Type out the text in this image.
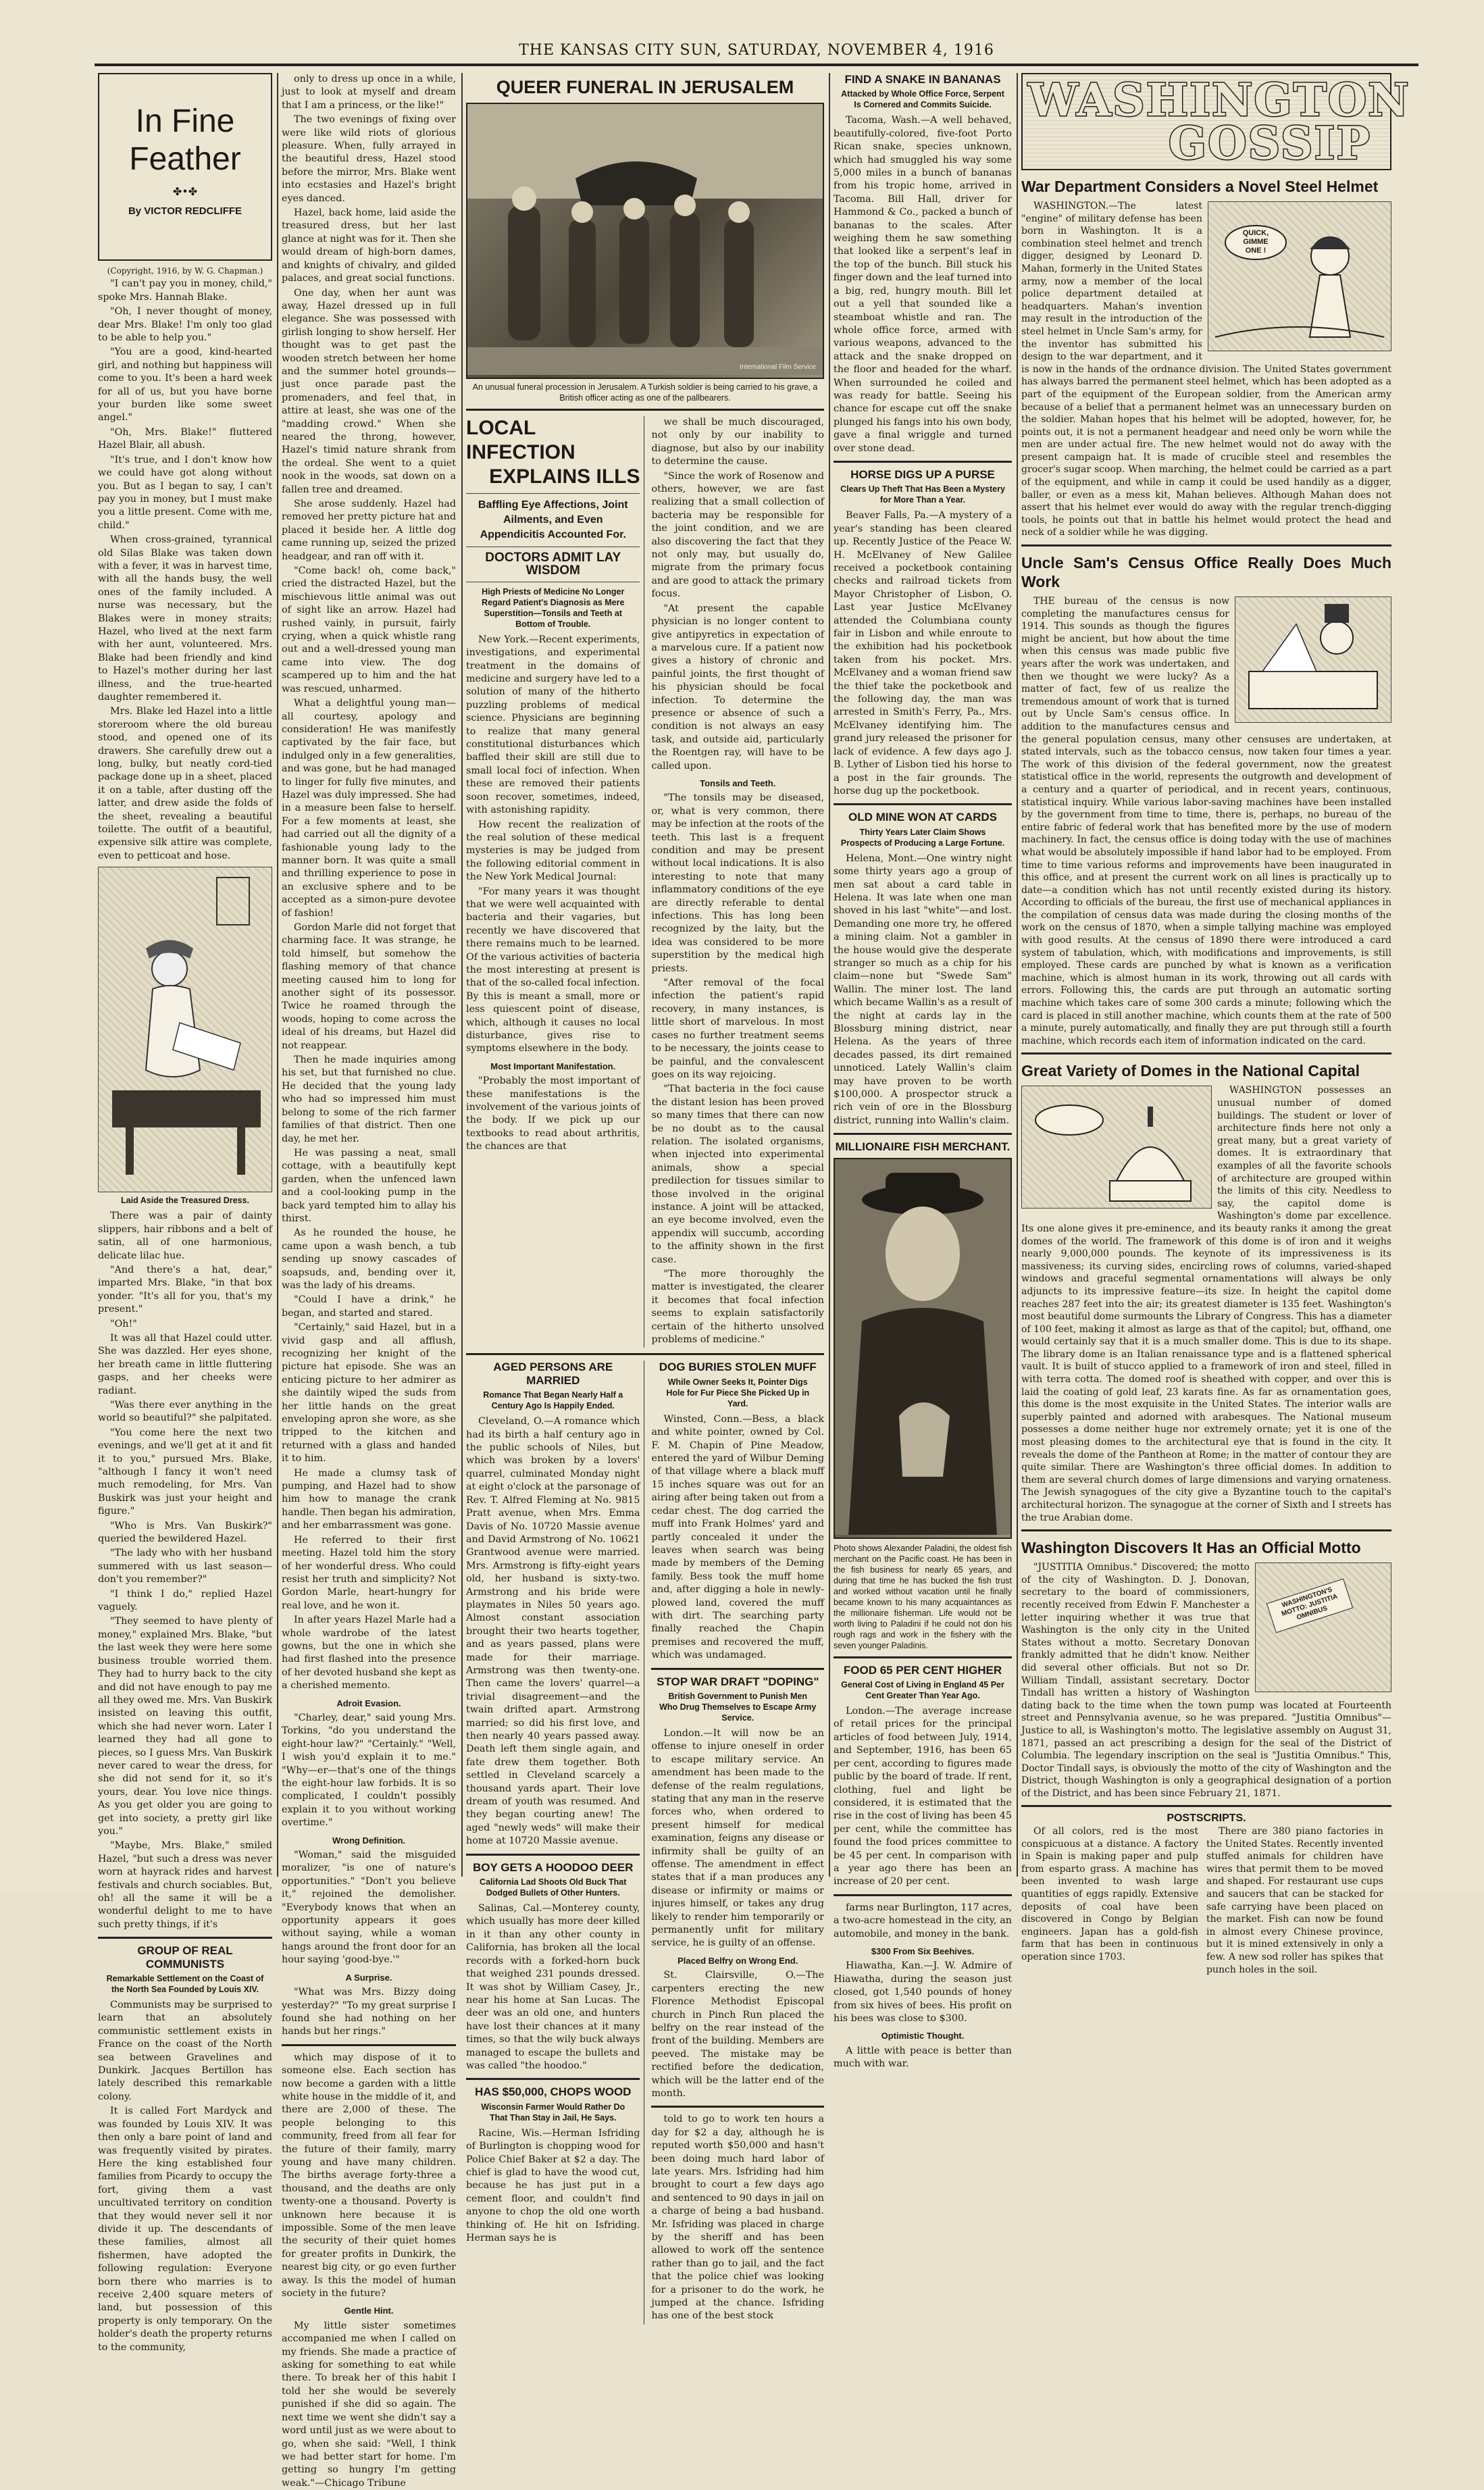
THE KANSAS CITY SUN, SATURDAY, NOVEMBER 4, 1916
In Fine Feather
✤•✤
By VICTOR REDCLIFFE
(Copyright, 1916, by W. G. Chapman.)

"I can't pay you in money, child," spoke Mrs. Hannah Blake.

"Oh, I never thought of money, dear Mrs. Blake! I'm only too glad to be able to help you."

"You are a good, kind-hearted girl, and nothing but happiness will come to you. It's been a hard week for all of us, but you have borne your burden like some sweet angel."

"Oh, Mrs. Blake!" fluttered Hazel Blair, all abush.

"It's true, and I don't know how we could have got along without you. But as I began to say, I can't pay you in money, but I must make you a little present. Come with me, child."

When cross-grained, tyrannical old Silas Blake was taken down with a fever, it was in harvest time, with all the hands busy, the well ones of the family included. A nurse was necessary, but the Blakes were in money straits; Hazel, who lived at the next farm with her aunt, volunteered. Mrs. Blake had been friendly and kind to Hazel's mother during her last illness, and the true-hearted daughter remembered it.

Mrs. Blake led Hazel into a little storeroom where the old bureau stood, and opened one of its drawers. She carefully drew out a long, bulky, but neatly cord-tied package done up in a sheet, placed it on a table, after dusting off the latter, and drew aside the folds of the sheet, revealing a beautiful toilette. The outfit of a beautiful, expensive silk attire was complete, even to petticoat and hose.

Laid Aside the Treasured Dress.

There was a pair of dainty slippers, hair ribbons and a belt of satin, all of one harmonious, delicate lilac hue.

"And there's a hat, dear," imparted Mrs. Blake, "in that box yonder. "It's all for you, that's my present."

"Oh!"

It was all that Hazel could utter. She was dazzled. Her eyes shone, her breath came in little fluttering gasps, and her cheeks were radiant.

"Was there ever anything in the world so beautiful?" she palpitated.

"You come here the next two evenings, and we'll get at it and fit it to you," pursued Mrs. Blake, "although I fancy it won't need much remodeling, for Mrs. Van Buskirk was just your height and figure."

"Who is Mrs. Van Buskirk?" queried the bewildered Hazel.

"The lady who with her husband summered with us last season—don't you remember?"

"I think I do," replied Hazel vaguely.

"They seemed to have plenty of money," explained Mrs. Blake, "but the last week they were here some business trouble worried them. They had to hurry back to the city and did not have enough to pay me all they owed me. Mrs. Van Buskirk insisted on leaving this outfit, which she had never worn. Later I learned they had all gone to pieces, so I guess Mrs. Van Buskirk never cared to wear the dress, for she did not send for it, so it's yours, dear. You love nice things. As you get older you are going to get into society, a pretty girl like you."

"Maybe, Mrs. Blake," smiled Hazel, "but such a dress was never worn at hayrack rides and harvest festivals and church sociables. But, oh! all the same it will be a wonderful delight to me to have such pretty things, if it's

GROUP OF REAL COMMUNISTS
Remarkable Settlement on the Coast of the North Sea Founded by Louis XIV.

Communists may be surprised to learn that an absolutely communistic settlement exists in France on the coast of the North sea between Gravelines and Dunkirk. Jacques Bertillon has lately described this remarkable colony.

It is called Fort Mardyck and was founded by Louis XIV. It was then only a bare point of land and was frequently visited by pirates. Here the king established four families from Picardy to occupy the fort, giving them a vast uncultivated territory on condition that they would never sell it nor divide it up. The descendants of these families, almost all fishermen, have adopted the following regulation: Everyone born there who marries is to receive 2,400 square meters of land, but possession of this property is only temporary. On the holder's death the property returns to the community,

only to dress up once in a while, just to look at myself and dream that I am a princess, or the like!"

The two evenings of fixing over were like wild riots of glorious pleasure. When, fully arrayed in the beautiful dress, Hazel stood before the mirror, Mrs. Blake went into ecstasies and Hazel's bright eyes danced.

Hazel, back home, laid aside the treasured dress, but her last glance at night was for it. Then she would dream of high-born dames, and knights of chivalry, and gilded palaces, and great social functions.

One day, when her aunt was away, Hazel dressed up in full elegance. She was possessed with girlish longing to show herself. Her thought was to get past the wooden stretch between her home and the summer hotel grounds—just once parade past the promenaders, and feel that, in attire at least, she was one of the "madding crowd." When she neared the throng, however, Hazel's timid nature shrank from the ordeal. She went to a quiet nook in the woods, sat down on a fallen tree and dreamed.

She arose suddenly. Hazel had removed her pretty picture hat and placed it beside her. A little dog came running up, seized the prized headgear, and ran off with it.

"Come back! oh, come back," cried the distracted Hazel, but the mischievous little animal was out of sight like an arrow. Hazel had rushed vainly, in pursuit, fairly crying, when a quick whistle rang out and a well-dressed young man came into view. The dog scampered up to him and the hat was rescued, unharmed.

What a delightful young man—all courtesy, apology and consideration! He was manifestly captivated by the fair face, but indulged only in a few generalities, and was gone, but he had managed to linger for fully five minutes, and Hazel was duly impressed. She had in a measure been false to herself. For a few moments at least, she had carried out all the dignity of a fashionable young lady to the manner born. It was quite a small and thrilling experience to pose in an exclusive sphere and to be accepted as a simon-pure devotee of fashion!

Gordon Marle did not forget that charming face. It was strange, he told himself, but somehow the flashing memory of that chance meeting caused him to long for another sight of its possessor. Twice he roamed through the woods, hoping to come across the ideal of his dreams, but Hazel did not reappear.

Then he made inquiries among his set, but that furnished no clue. He decided that the young lady who had so impressed him must belong to some of the rich farmer families of that district. Then one day, he met her.

He was passing a neat, small cottage, with a beautifully kept garden, when the unfenced lawn and a cool-looking pump in the back yard tempted him to allay his thirst.

As he rounded the house, he came upon a wash bench, a tub sending up snowy cascades of soapsuds, and, bending over it, was the lady of his dreams.

"Could I have a drink," he began, and started and stared.

"Certainly," said Hazel, but in a vivid gasp and all afflush, recognizing her knight of the picture hat episode. She was an enticing picture to her admirer as she daintily wiped the suds from her little hands on the great enveloping apron she wore, as she tripped to the kitchen and returned with a glass and handed it to him.

He made a clumsy task of pumping, and Hazel had to show him how to manage the crank handle. Then began his admiration, and her embarrassment was gone.

He referred to their first meeting. Hazel told him the story of her wonderful dress. Who could resist her truth and simplicity? Not Gordon Marle, heart-hungry for real love, and he won it.

In after years Hazel Marle had a whole wardrobe of the latest gowns, but the one in which she had first flashed into the presence of her devoted husband she kept as a cherished memento.

Adroit Evasion.

"Charley, dear," said young Mrs. Torkins, "do you understand the eight-hour law?" "Certainly." "Well, I wish you'd explain it to me." "Why—er—that's one of the things the eight-hour law forbids. It is so complicated, I couldn't possibly explain it to you without working overtime."

Wrong Definition.

"Woman," said the misguided moralizer, "is one of nature's opportunities." "Don't you believe it," rejoined the demolisher. "Everybody knows that when an opportunity appears it goes without saying, while a woman hangs around the front door for an hour saying 'good-bye.'"

A Surprise.

"What was Mrs. Bizzy doing yesterday?" "To my great surprise I found she had nothing on her hands but her rings."

which may dispose of it to someone else. Each section has now become a garden with a little white house in the middle of it, and there are 2,000 of these. The people belonging to this community, freed from all fear for the future of their family, marry young and have many children. The births average forty-three a thousand, and the deaths are only twenty-one a thousand. Poverty is unknown here because it is impossible. Some of the men leave the security of their quiet homes for greater profits in Dunkirk, the nearest big city, or go even further away. Is this the model of human society in the future?

Gentle Hint.

My little sister sometimes accompanied me when I called on my friends. She made a practice of asking for something to eat while there. To break her of this habit I told her she would be severely punished if she did so again. The next time we went she didn't say a word until just as we were about to go, when she said: "Well, I think we had better start for home. I'm getting so hungry I'm getting weak."—Chicago Tribune

QUEER FUNERAL IN JERUSALEM
International Film Service
An unusual funeral procession in Jerusalem. A Turkish soldier is being carried to his grave, a British officer acting as one of the pallbearers.
LOCAL INFECTION
EXPLAINS ILLS
Baffling Eye Affections, Joint Ailments, and Even Appendicitis Accounted For.
DOCTORS ADMIT LAY WISDOM
High Priests of Medicine No Longer Regard Patient's Diagnosis as Mere Superstition—Tonsils and Teeth at Bottom of Trouble.

New York.—Recent experiments, investigations, and experimental treatment in the domains of medicine and surgery have led to a solution of many of the hitherto puzzling problems of medical science. Physicians are beginning to realize that many general constitutional disturbances which baffled their skill are still due to small local foci of infection. When these are removed their patients soon recover, sometimes, indeed, with astonishing rapidity.

How recent the realization of the real solution of these medical mysteries is may be judged from the following editorial comment in the New York Medical Journal:

"For many years it was thought that we were well acquainted with bacteria and their vagaries, but recently we have discovered that there remains much to be learned. Of the various activities of bacteria the most interesting at present is that of the so-called focal infection. By this is meant a small, more or less quiescent point of disease, which, although it causes no local disturbance, gives rise to symptoms elsewhere in the body.

Most Important Manifestation.

"Probably the most important of these manifestations is the involvement of the various joints of the body. If we pick up our textbooks to read about arthritis, the chances are that

we shall be much discouraged, not only by our inability to diagnose, but also by our inability to determine the cause.

"Since the work of Rosenow and others, however, we are fast realizing that a small collection of bacteria may be responsible for the joint condition, and we are also discovering the fact that they not only may, but usually do, migrate from the primary focus and are good to attack the primary focus.

"At present the capable physician is no longer content to give antipyretics in expectation of a marvelous cure. If a patient now gives a history of chronic and painful joints, the first thought of his physician should be focal infection. To determine the presence or absence of such a condition is not always an easy task, and outside aid, particularly the Roentgen ray, will have to be called upon.

Tonsils and Teeth.

"The tonsils may be diseased, or, what is very common, there may be infection at the roots of the teeth. This last is a frequent condition and may be present without local indications. It is also interesting to note that many inflammatory conditions of the eye are directly referable to dental infections. This has long been recognized by the laity, but the idea was considered to be more superstition by the medical high priests.

"After removal of the focal infection the patient's rapid recovery, in many instances, is little short of marvelous. In most cases no further treatment seems to be necessary, the joints cease to be painful, and the convalescent goes on its way rejoicing.

"That bacteria in the foci cause the distant lesion has been proved so many times that there can now be no doubt as to the causal relation. The isolated organisms, when injected into experimental animals, show a special predilection for tissues similar to those involved in the original instance. A joint will be attacked, an eye become involved, even the appendix will succumb, according to the affinity shown in the first case.

"The more thoroughly the matter is investigated, the clearer it becomes that focal infection seems to explain satisfactorily certain of the hitherto unsolved problems of medicine."

AGED PERSONS ARE MARRIED
Romance That Began Nearly Half a Century Ago Is Happily Ended.

Cleveland, O.—A romance which had its birth a half century ago in the public schools of Niles, but which was broken by a lovers' quarrel, culminated Monday night at eight o'clock at the parsonage of Rev. T. Alfred Fleming at No. 9815 Pratt avenue, when Mrs. Emma Davis of No. 10720 Massie avenue and David Armstrong of No. 10621 Grantwood avenue were married. Mrs. Armstrong is fifty-eight years old, her husband is sixty-two. Armstrong and his bride were playmates in Niles 50 years ago. Almost constant association brought their two hearts together, and as years passed, plans were made for their marriage. Armstrong was then twenty-one. Then came the lovers' quarrel—a trivial disagreement—and the twain drifted apart. Armstrong married; so did his first love, and then nearly 40 years passed away. Death left them single again, and fate drew them together. Both settled in Cleveland scarcely a thousand yards apart. Their love dream of youth was resumed. And they began courting anew! The aged "newly weds" will make their home at 10720 Massie avenue.

BOY GETS A HOODOO DEER
California Lad Shoots Old Buck That Dodged Bullets of Other Hunters.

Salinas, Cal.—Monterey county, which usually has more deer killed in it than any other county in California, has broken all the local records with a forked-horn buck that weighed 231 pounds dressed. It was shot by William Casey, Jr., near his home at San Lucas. The deer was an old one, and hunters have lost their chances at it many times, so that the wily buck always managed to escape the bullets and was called "the hoodoo."

HAS $50,000, CHOPS WOOD
Wisconsin Farmer Would Rather Do That Than Stay in Jail, He Says.

Racine, Wis.—Herman Isfriding of Burlington is chopping wood for Police Chief Baker at $2 a day. The chief is glad to have the wood cut, because he has just put in a cement floor, and couldn't find anyone to chop the old one worth thinking of. He hit on Isfriding. Herman says he is

DOG BURIES STOLEN MUFF
While Owner Seeks It, Pointer Digs Hole for Fur Piece She Picked Up in Yard.

Winsted, Conn.—Bess, a black and white pointer, owned by Col. F. M. Chapin of Pine Meadow, entered the yard of Wilbur Deming of that village where a black muff 15 inches square was out for an airing after being taken out from a cedar chest. The dog carried the muff into Frank Holmes' yard and partly concealed it under the leaves when search was being made by members of the Deming family. Bess took the muff home and, after digging a hole in newly-plowed land, covered the muff with dirt. The searching party finally reached the Chapin premises and recovered the muff, which was undamaged.

STOP WAR DRAFT "DOPING"
British Government to Punish Men Who Drug Themselves to Escape Army Service.

London.—It will now be an offense to injure oneself in order to escape military service. An amendment has been made to the defense of the realm regulations, stating that any man in the reserve forces who, when ordered to present himself for medical examination, feigns any disease or infirmity shall be guilty of an offense. The amendment in effect states that if a man produces any disease or infirmity or maims or injures himself, or takes any drug likely to render him temporarily or permanently unfit for military service, he is guilty of an offense.

Placed Belfry on Wrong End.

St. Clairsville, O.—The carpenters erecting the new Florence Methodist Episcopal church in Pinch Run placed the belfry on the rear instead of the front of the building. Members are peeved. The mistake may be rectified before the dedication, which will be the latter end of the month.

told to go to work ten hours a day for $2 a day, although he is reputed worth $50,000 and hasn't been doing much hard labor of late years. Mrs. Isfriding had him brought to court a few days ago and sentenced to 90 days in jail on a charge of being a bad husband. Mr. Isfriding was placed in charge by the sheriff and has been allowed to work off the sentence rather than go to jail, and the fact that the police chief was looking for a prisoner to do the work, he jumped at the chance. Isfriding has one of the best stock

FIND A SNAKE IN BANANAS
Attacked by Whole Office Force, Serpent Is Cornered and Commits Suicide.

Tacoma, Wash.—A well behaved, beautifully-colored, five-foot Porto Rican snake, species unknown, which had smuggled his way some 5,000 miles in a bunch of bananas from his tropic home, arrived in Tacoma. Bill Hall, driver for Hammond & Co., packed a bunch of bananas to the scales. After weighing them he saw something that looked like a serpent's leaf in the top of the bunch. Bill stuck his finger down and the leaf turned into a big, red, hungry mouth. Bill let out a yell that sounded like a steamboat whistle and ran. The whole office force, armed with various weapons, advanced to the attack and the snake dropped on the floor and headed for the wharf. When surrounded he coiled and was ready for battle. Seeing his chance for escape cut off the snake plunged his fangs into his own body, gave a final wriggle and turned over stone dead.

HORSE DIGS UP A PURSE
Clears Up Theft That Has Been a Mystery for More Than a Year.

Beaver Falls, Pa.—A mystery of a year's standing has been cleared up. Recently Justice of the Peace W. H. McElvaney of New Galilee received a pocketbook containing checks and railroad tickets from Mayor Christopher of Lisbon, O. Last year Justice McElvaney attended the Columbiana county fair in Lisbon and while enroute to the exhibition had his pocketbook taken from his pocket. Mrs. McElvaney and a woman friend saw the thief take the pocketbook and the following day, the man was arrested in Smith's Ferry, Pa., Mrs. McElvaney identifying him. The grand jury released the prisoner for lack of evidence. A few days ago J. B. Lyther of Lisbon tied his horse to a post in the fair grounds. The horse dug up the pocketbook.

OLD MINE WON AT CARDS
Thirty Years Later Claim Shows Prospects of Producing a Large Fortune.

Helena, Mont.—One wintry night some thirty years ago a group of men sat about a card table in Helena. It was late when one man shoved in his last "white"—and lost. Demanding one more try, he offered a mining claim. Not a gambler in the house would give the desperate stranger so much as a chip for his claim—none but "Swede Sam" Wallin. The miner lost. The land which became Wallin's as a result of the night at cards lay in the Blossburg mining district, near Helena. As the years of three decades passed, its dirt remained unnoticed. Lately Wallin's claim may have proven to be worth $100,000. A prospector struck a rich vein of ore in the Blossburg district, running into Wallin's claim.

MILLIONAIRE FISH MERCHANT.
Photo shows Alexander Paladini, the oldest fish merchant on the Pacific coast. He has been in the fish business for nearly 65 years, and during that time he has bucked the fish trust and worked without vacation until he finally became known to his many acquaintances as the millionaire fisherman. Life would not be worth living to Paladini if he could not don his rough rags and work in the fishery with the seven younger Paladinis.
FOOD 65 PER CENT HIGHER
General Cost of Living in England 45 Per Cent Greater Than Year Ago.

London.—The average increase of retail prices for the principal articles of food between July, 1914, and September, 1916, has been 65 per cent, according to figures made public by the board of trade. If rent, clothing, fuel and light be considered, it is estimated that the rise in the cost of living has been 45 per cent, while the committee has found the food prices committee to be 45 per cent. In comparison with a year ago there has been an increase of 20 per cent.

farms near Burlington, 117 acres, a two-acre homestead in the city, an automobile, and money in the bank.

$300 From Six Beehives.

Hiawatha, Kan.—J. W. Admire of Hiawatha, during the season just closed, got 1,540 pounds of honey from six hives of bees. His profit on his bees was close to $300.

Optimistic Thought.

A little with peace is better than much with war.

WASHINGTON
GOSSIP
War Department Considers a Novel Steel Helmet
QUICK, GIMME ONE !

WASHINGTON.—The latest "engine" of military defense has been born in Washington. It is a combination steel helmet and trench digger, designed by Leonard D. Mahan, formerly in the United States army, now a member of the local police department detailed at headquarters. Mahan's invention may result in the introduction of the steel helmet in Uncle Sam's army, for the inventor has submitted his design to the war department, and it is now in the hands of the ordnance division. The United States government has always barred the permanent steel helmet, which has been adopted as a part of the equipment of the European soldier, from the American army because of a belief that a permanent helmet was an unnecessary burden on the soldier. Mahan hopes that his helmet will be adopted, however, for, he points out, it is not a permanent headgear and need only be worn while the men are under actual fire. The new helmet would not do away with the present campaign hat. It is made of crucible steel and resembles the grocer's sugar scoop. When marching, the helmet could be carried as a part of the equipment, and while in camp it could be used handily as a digger, baller, or even as a mess kit, Mahan believes. Although Mahan does not assert that his helmet ever would do away with the regular trench-digging tools, he points out that in battle his helmet would protect the head and neck of a soldier while he was digging.

Uncle Sam's Census Office Really Does Much Work

THE bureau of the census is now completing the manufactures census for 1914. This sounds as though the figures might be ancient, but how about the time when this census was made public five years after the work was undertaken, and then we thought we were lucky? As a matter of fact, few of us realize the tremendous amount of work that is turned out by Uncle Sam's census office. In addition to the manufactures census and the general population census, many other censuses are undertaken, at stated intervals, such as the tobacco census, now taken four times a year. The work of this division of the federal government, now the greatest statistical office in the world, represents the outgrowth and development of a century and a quarter of periodical, and in recent years, continuous, statistical inquiry. While various labor-saving machines have been installed by the government from time to time, there is, perhaps, no bureau of the entire fabric of federal work that has benefited more by the use of modern machinery. In fact, the census office is doing today with the use of machines what would be absolutely impossible if hand labor had to be employed. From time to time various reforms and improvements have been inaugurated in this office, and at present the current work on all lines is practically up to date—a condition which has not until recently existed during its history. According to officials of the bureau, the first use of mechanical appliances in the compilation of census data was made during the closing months of the work on the census of 1870, when a simple tallying machine was employed with good results. At the census of 1890 there were introduced a card system of tabulation, which, with modifications and improvements, is still employed. These cards are punched by what is known as a verification machine, which is almost human in its work, throwing out all cards with errors. Following this, the cards are put through an automatic sorting machine which takes care of some 300 cards a minute; following which the card is placed in still another machine, which counts them at the rate of 500 a minute, purely automatically, and finally they are put through still a fourth machine, which records each item of information indicated on the card.

Great Variety of Domes in the National Capital

WASHINGTON possesses an unusual number of domed buildings. The student or lover of architecture finds here not only a great many, but a great variety of domes. It is extraordinary that examples of all the favorite schools of architecture are grouped within the limits of this city. Needless to say, the capitol dome is Washington's dome par excellence. Its one alone gives it pre-eminence, and its beauty ranks it among the great domes of the world. The framework of this dome is of iron and it weighs nearly 9,000,000 pounds. The keynote of its impressiveness is its massiveness; its curving sides, encircling rows of columns, varied-shaped windows and graceful segmental ornamentations will always be only adjuncts to its impressive feature—its size. In height the capitol dome reaches 287 feet into the air; its greatest diameter is 135 feet. Washington's most beautiful dome surmounts the Library of Congress. This has a diameter of 100 feet, making it almost as large as that of the capitol; but, offhand, one would certainly say that it is a much smaller dome. This is due to its shape. The library dome is an Italian renaissance type and is a flattened spherical vault. It is built of stucco applied to a framework of iron and steel, filled in with terra cotta. The domed roof is sheathed with copper, and over this is laid the coating of gold leaf, 23 karats fine. As far as ornamentation goes, this dome is the most exquisite in the United States. The interior walls are superbly painted and adorned with arabesques. The National museum possesses a dome neither huge nor extremely ornate; yet it is one of the most pleasing domes to the architectural eye that is found in the city. It reveals the dome of the Pantheon at Rome; in the matter of contour they are quite similar. There are Washington's three official domes. In addition to them are several church domes of large dimensions and varying ornateness. The Jewish synagogues of the city give a Byzantine touch to the capital's architectural horizon. The synagogue at the corner of Sixth and I streets has the true Arabian dome.

Washington Discovers It Has an Official Motto
WASHINGTON'S MOTTO: JUSTITIA OMNIBUS

"JUSTITIA Omnibus." Discovered; the motto of the city of Washington. D. J. Donovan, secretary to the board of commissioners, recently received from Edwin F. Manchester a letter inquiring whether it was true that Washington is the only city in the United States without a motto. Secretary Donovan frankly admitted that he didn't know. Neither did several other officials. But not so Dr. William Tindall, assistant secretary. Doctor Tindall has written a history of Washington dating back to the time when the town pump was located at Fourteenth street and Pennsylvania avenue, so he was prepared. "Justitia Omnibus"—Justice to all, is Washington's motto. The legislative assembly on August 31, 1871, passed an act prescribing a design for the seal of the District of Columbia. The legendary inscription on the seal is "Justitia Omnibus." This, Doctor Tindall says, is obviously the motto of the city of Washington and the District, though Washington is only a geographical designation of a portion of the District, and has been since February 21, 1871.

POSTSCRIPTS.

Of all colors, red is the most conspicuous at a distance. A factory in Spain is making paper and pulp from esparto grass. A machine has been invented to wash large quantities of eggs rapidly. Extensive deposits of coal have been discovered in Congo by Belgian engineers. Japan has a gold-fish farm that has been in continuous operation since 1703.

There are 380 piano factories in the United States. Recently invented stuffed animals for children have wires that permit them to be moved and shaped. For restaurant use cups and saucers that can be stacked for safe carrying have been placed on the market. Fish can now be found in almost every Chinese province, but it is mined extensively in only a few. A new sod roller has spikes that punch holes in the soil.
